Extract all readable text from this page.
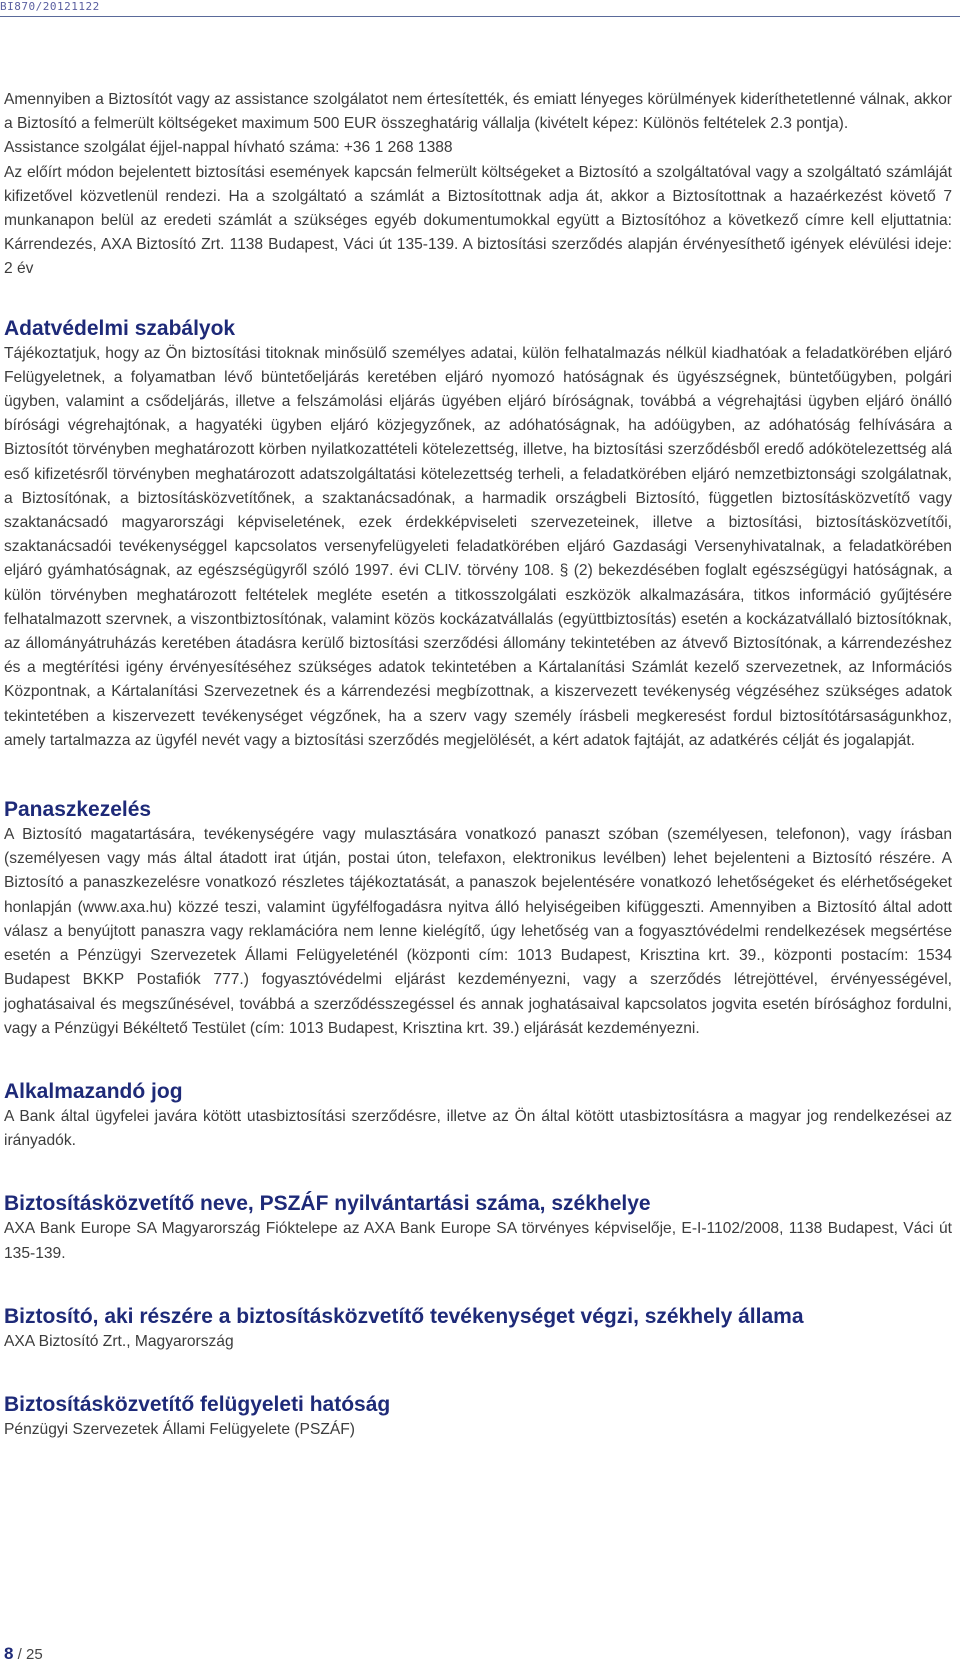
BI870/20121122

Amennyiben a Biztosítót vagy az assistance szolgálatot nem értesítették, és emiatt lényeges körülmények kideríthetetlenné válnak, akkor a Biztosító a felmerült költségeket maximum 500 EUR összeghatárig vállalja (kivételt képez: Különös feltételek 2.3 pontja).

Assistance szolgálat éjjel-nappal hívható száma: +36 1 268 1388

Az előírt módon bejelentett biztosítási események kapcsán felmerült költségeket a Biztosító a szolgáltatóval vagy a szolgáltató számláját kifizetővel közvetlenül rendezi. Ha a szolgáltató a számlát a Biztosítottnak adja át, akkor a Biztosítottnak a hazaérkezést követő 7 munkanapon belül az eredeti számlát a szükséges egyéb dokumentumokkal együtt a Biztosítóhoz a következő címre kell eljuttatnia: Kárrendezés, AXA Biztosító Zrt. 1138 Budapest, Váci út 135-139. A biztosítási szerződés alapján érvényesíthető igények elévülési ideje: 2 év

Adatvédelmi szabályok

Tájékoztatjuk, hogy az Ön biztosítási titoknak minősülő személyes adatai, külön felhatalmazás nélkül kiadhatóak a feladatkörében eljáró Felügyeletnek, a folyamatban lévő büntetőeljárás keretében eljáró nyomozó hatóságnak és ügyészségnek, büntetőügyben, polgári ügyben, valamint a csődeljárás, illetve a felszámolási eljárás ügyében eljáró bíróságnak, továbbá a végrehajtási ügyben eljáró önálló bírósági végrehajtónak, a hagyatéki ügyben eljáró közjegyzőnek, az adóhatóságnak, ha adóügyben, az adóhatóság felhívására a Biztosítót törvényben meghatározott körben nyilatkozattételi kötelezettség, illetve, ha biztosítási szerződésből eredő adókötelezettség alá eső kifizetésről törvényben meghatározott adatszolgáltatási kötelezettség terheli, a feladatkörében eljáró nemzetbiztonsági szolgálatnak, a Biztosítónak, a biztosításközvetítőnek, a szaktanácsadónak, a harmadik országbeli Biztosító, független biztosításközvetítő vagy szaktanácsadó magyarországi képviseletének, ezek érdekképviseleti szervezeteinek, illetve a biztosítási, biztosításközvetítői, szaktanácsadói tevékenységgel kapcsolatos versenyfelügyeleti feladatkörében eljáró Gazdasági Versenyhivatalnak, a feladatkörében eljáró gyámhatóságnak, az egészségügyről szóló 1997. évi CLIV. törvény 108. § (2) bekezdésében foglalt egészségügyi hatóságnak, a külön törvényben meghatározott feltételek megléte esetén a titkosszolgálati eszközök alkalmazására, titkos információ gyűjtésére felhatalmazott szervnek, a viszontbiztosítónak, valamint közös kockázatvállalás (együttbiztosítás) esetén a kockázatvállaló biztosítóknak, az állományátruházás keretében átadásra kerülő biztosítási szerződési állomány tekintetében az átvevő Biztosítónak, a kárrendezéshez és a megtérítési igény érvényesítéséhez szükséges adatok tekintetében a Kártalanítási Számlát kezelő szervezetnek, az Információs Központnak, a Kártalanítási Szervezetnek és a kárrendezési megbízottnak, a kiszervezett tevékenység végzéséhez szükséges adatok tekintetében a kiszervezett tevékenységet végzőnek, ha a szerv vagy személy írásbeli megkeresést fordul biztosítótársaságunkhoz, amely tartalmazza az ügyfél nevét vagy a biztosítási szerződés megjelölését, a kért adatok fajtáját, az adatkérés célját és jogalapját.

Panaszkezelés

A Biztosító magatartására, tevékenységére vagy mulasztására vonatkozó panaszt szóban (személyesen, telefonon), vagy írásban (személyesen vagy más által átadott irat útján, postai úton, telefaxon, elektronikus levélben) lehet bejelenteni a Biztosító részére. A Biztosító a panaszkezelésre vonatkozó részletes tájékoztatását, a panaszok bejelentésére vonatkozó lehetőségeket és elérhetőségeket honlapján (www.axa.hu) közzé teszi, valamint ügyfélfogadásra nyitva álló helyiségeiben kifüggeszti. Amennyiben a Biztosító által adott válasz a benyújtott panaszra vagy reklamációra nem lenne kielégítő, úgy lehetőség van a fogyasztóvédelmi rendelkezések megsértése esetén a Pénzügyi Szervezetek Állami Felügyeleténél (központi cím: 1013 Budapest, Krisztina krt. 39., központi postacím: 1534 Budapest BKKP Postafiók 777.) fogyasztóvédelmi eljárást kezdeményezni, vagy a szerződés létrejöttével, érvényességével, joghatásaival és megszűnésével, továbbá a szerződésszegéssel és annak joghatásaival kapcsolatos jogvita esetén bírósághoz fordulni, vagy a Pénzügyi Békéltető Testület (cím: 1013 Budapest, Krisztina krt. 39.) eljárását kezdeményezni.

Alkalmazandó jog

A Bank által ügyfelei javára kötött utasbiztosítási szerződésre, illetve az Ön által kötött utasbiztosításra a magyar jog rendelkezései az irányadók.

Biztosításközvetítő neve, PSZÁF nyilvántartási száma, székhelye

AXA Bank Europe SA Magyarország Fióktelepe az AXA Bank Europe SA törvényes képviselője, E-I-1102/2008, 1138 Budapest, Váci út 135-139.

Biztosító, aki részére a biztosításközvetítő tevékenységet végzi, székhely állama

AXA Biztosító Zrt., Magyarország

Biztosításközvetítő felügyeleti hatóság

Pénzügyi Szervezetek Állami Felügyelete (PSZÁF)

8 / 25
